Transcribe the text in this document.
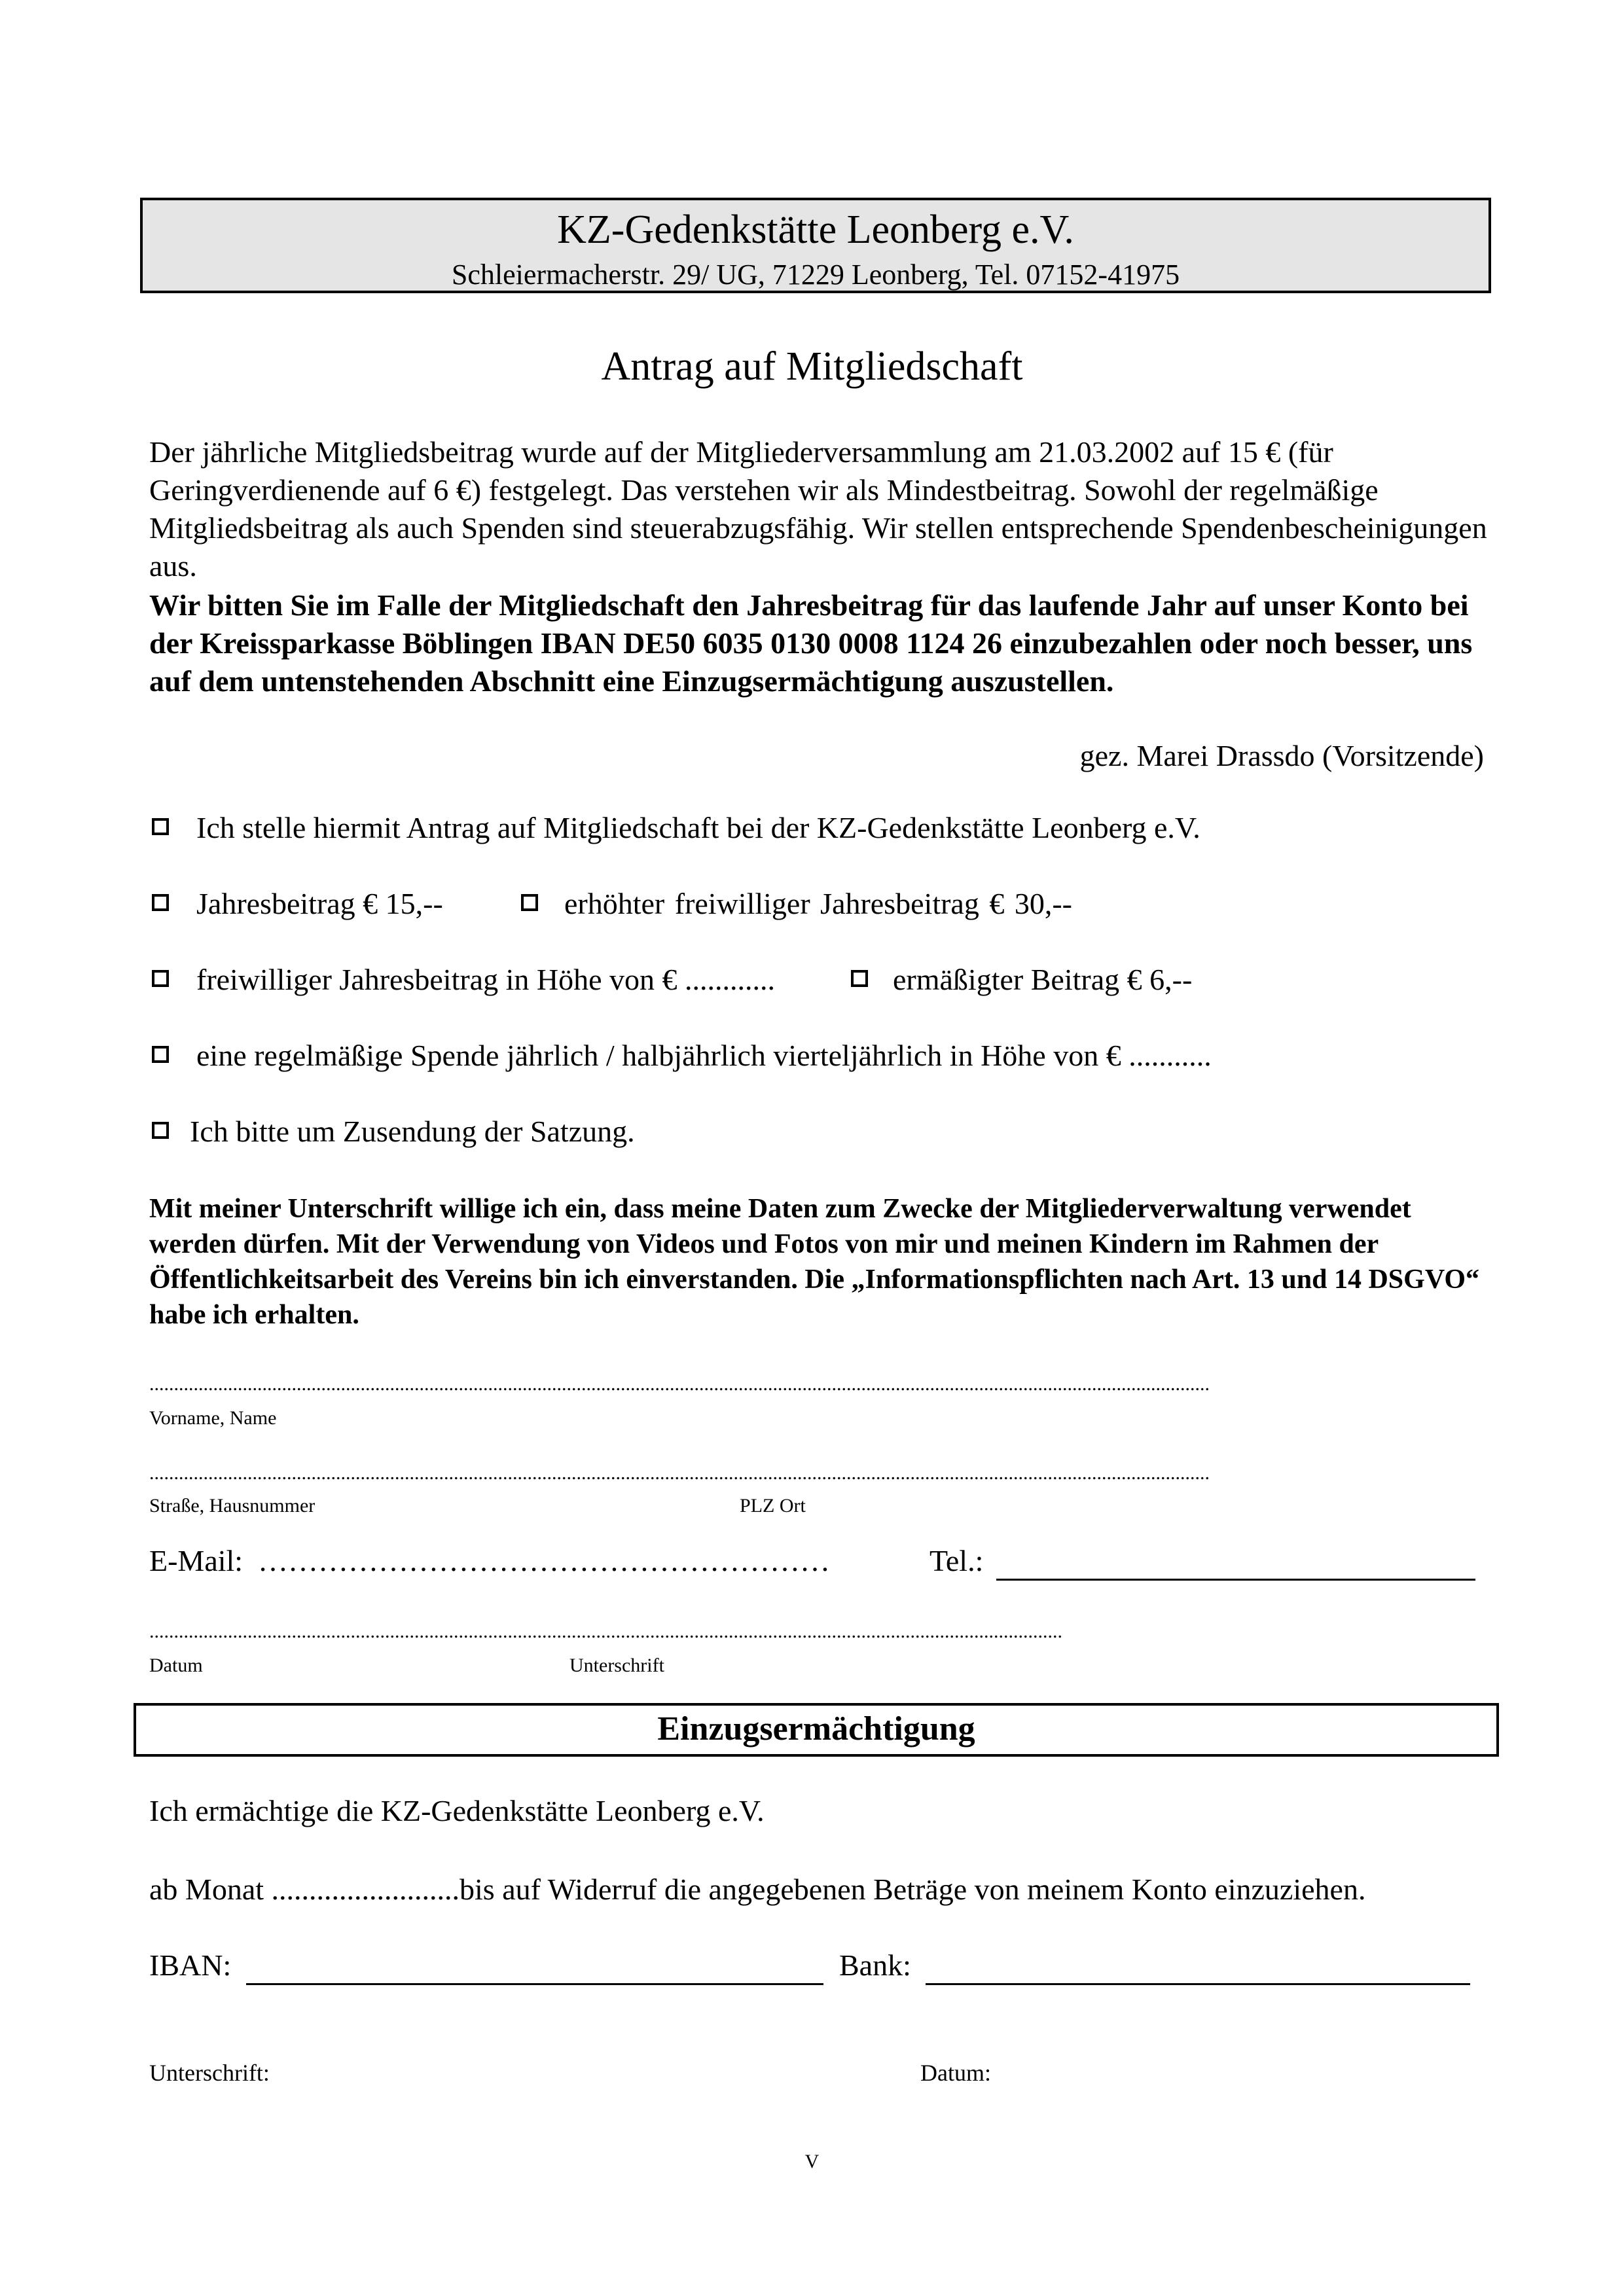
KZ-Gedenkstätte Leonberg e.V.
Schleiermacherstr. 29/ UG, 71229 Leonberg, Tel. 07152-41975
Antrag auf Mitgliedschaft
Der jährliche Mitgliedsbeitrag wurde auf der Mitgliederversammlung am 21.03.2002 auf 15 € (für Geringverdienende auf 6 €) festgelegt. Das verstehen wir als Mindestbeitrag. Sowohl der regelmäßige Mitgliedsbeitrag als auch Spenden sind steuerabzugsfähig. Wir stellen entsprechende Spendenbescheinigungen aus.
Wir bitten Sie im Falle der Mitgliedschaft den Jahresbeitrag für das laufende Jahr auf unser Konto bei der Kreissparkasse Böblingen IBAN DE50 6035 0130 0008 1124 26 einzubezahlen oder noch besser, uns auf dem untenstehenden Abschnitt eine Einzugsermächtigung auszustellen.
gez. Marei Drassdo (Vorsitzende)
Ich stelle hiermit Antrag auf Mitgliedschaft bei der KZ-Gedenkstätte Leonberg e.V.
Jahresbeitrag € 15,--	erhöhter freiwilliger Jahresbeitrag € 30,--
freiwilliger Jahresbeitrag in Höhe von € ............	ermäßigter Beitrag € 6,--
eine regelmäßige Spende jährlich / halbjährlich vierteljährlich in Höhe von € ...........
Ich bitte um Zusendung der Satzung.
Mit meiner Unterschrift willige ich ein, dass meine Daten zum Zwecke der Mitgliederverwaltung verwendet werden dürfen. Mit der Verwendung von Videos und Fotos von mir und meinen Kindern im Rahmen der Öffentlichkeitsarbeit des Vereins bin ich einverstanden. Die „Informationspflichten nach Art. 13 und 14 DSGVO“ habe ich erhalten.
........................................................................................................................................................................................................................
Vorname, Name
........................................................................................................................................................................................................................
Straße, Hausnummer	PLZ Ort
E-Mail: …………………………………………………	Tel.:
..........................................................................................................................................................................................
Datum	Unterschrift
Einzugsermächtigung
Ich ermächtige die KZ-Gedenkstätte Leonberg e.V.
ab Monat .........................bis auf Widerruf die angegebenen Beträge von meinem Konto einzuziehen.
IBAN:	Bank:
Unterschrift:	Datum:
V
